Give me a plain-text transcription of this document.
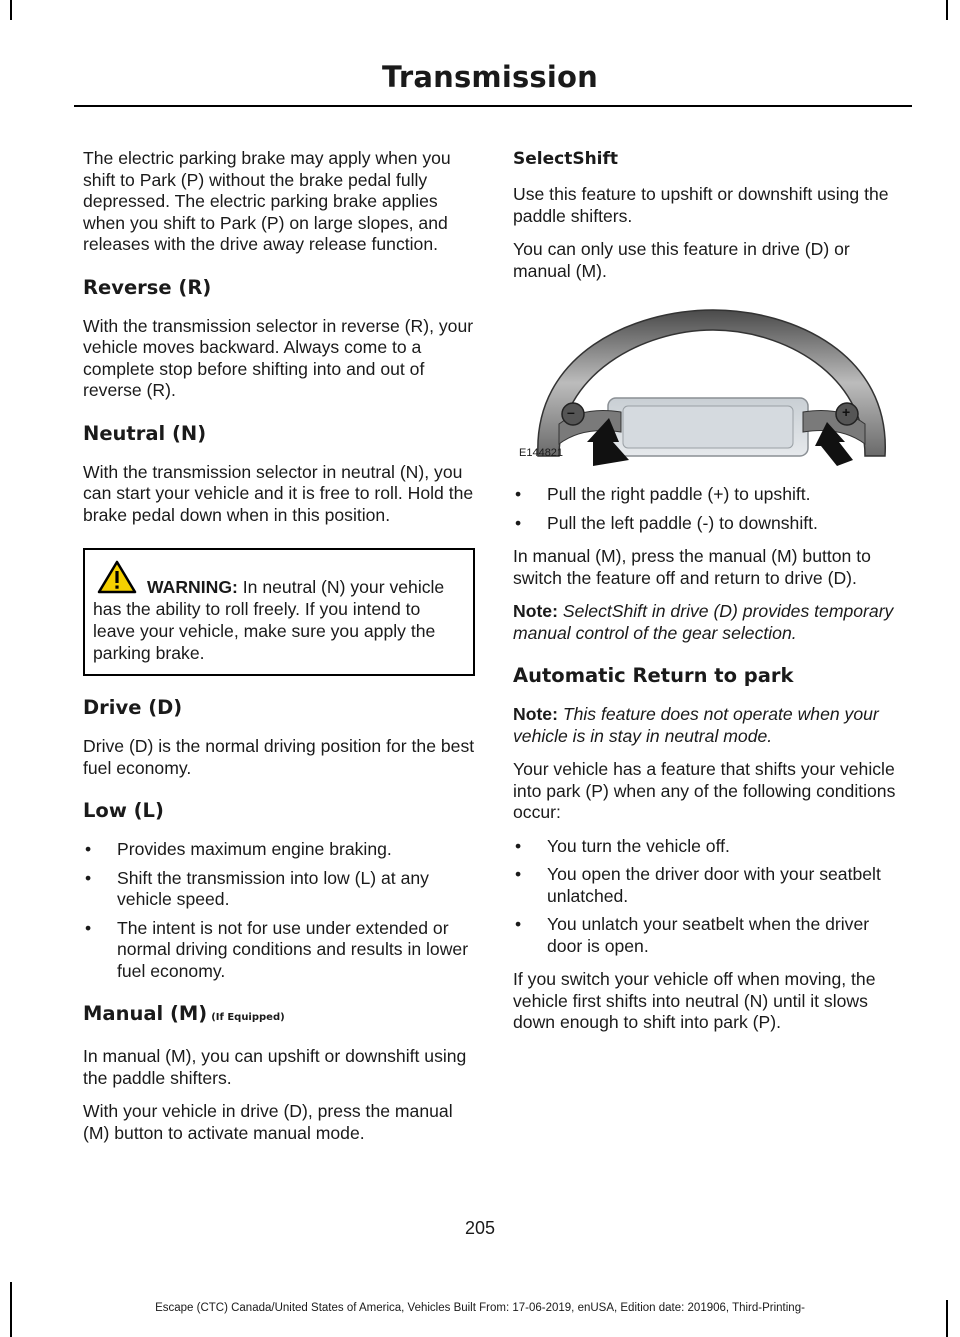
Transmission

The electric parking brake may apply when you shift to Park (P) without the brake pedal fully depressed. The electric parking brake applies when you shift to Park (P) on large slopes, and releases with the drive away release function.

Reverse (R)

With the transmission selector in reverse (R), your vehicle moves backward. Always come to a complete stop before shifting into and out of reverse (R).

Neutral (N)

With the transmission selector in neutral (N), you can start your vehicle and it is free to roll. Hold the brake pedal down when in this position.

WARNING: In neutral (N) your vehicle has the ability to roll freely. If you intend to leave your vehicle, make sure you apply the parking brake.
Drive (D)

Drive (D) is the normal driving position for the best fuel economy.

Low (L)
• Provides maximum engine braking.
• Shift the transmission into low (L) at any vehicle speed.
• The intent is not for use under extended or normal driving conditions and results in lower fuel economy.
Manual (M) (If Equipped)

In manual (M), you can upshift or downshift using the paddle shifters.

With your vehicle in drive (D), press the manual (M) button to activate manual mode.

SelectShift

Use this feature to upshift or downshift using the paddle shifters.

You can only use this feature in drive (D) or manual (M).

–	+
E144821
• Pull the right paddle (+) to upshift.
• Pull the left paddle (-) to downshift.

In manual (M), press the manual (M) button to switch the feature off and return to drive (D).

Note: SelectShift in drive (D) provides temporary manual control of the gear selection.

Automatic Return to park

Note: This feature does not operate when your vehicle is in stay in neutral mode.

Your vehicle has a feature that shifts your vehicle into park (P) when any of the following conditions occur:

• You turn the vehicle off.
• You open the driver door with your seatbelt unlatched.
• You unlatch your seatbelt when the driver door is open.

If you switch your vehicle off when moving, the vehicle first shifts into neutral (N) until it slows down enough to shift into park (P).

205
Escape (CTC) Canada/United States of America, Vehicles Built From: 17-06-2019, enUSA, Edition date: 201906, Third-Printing-
